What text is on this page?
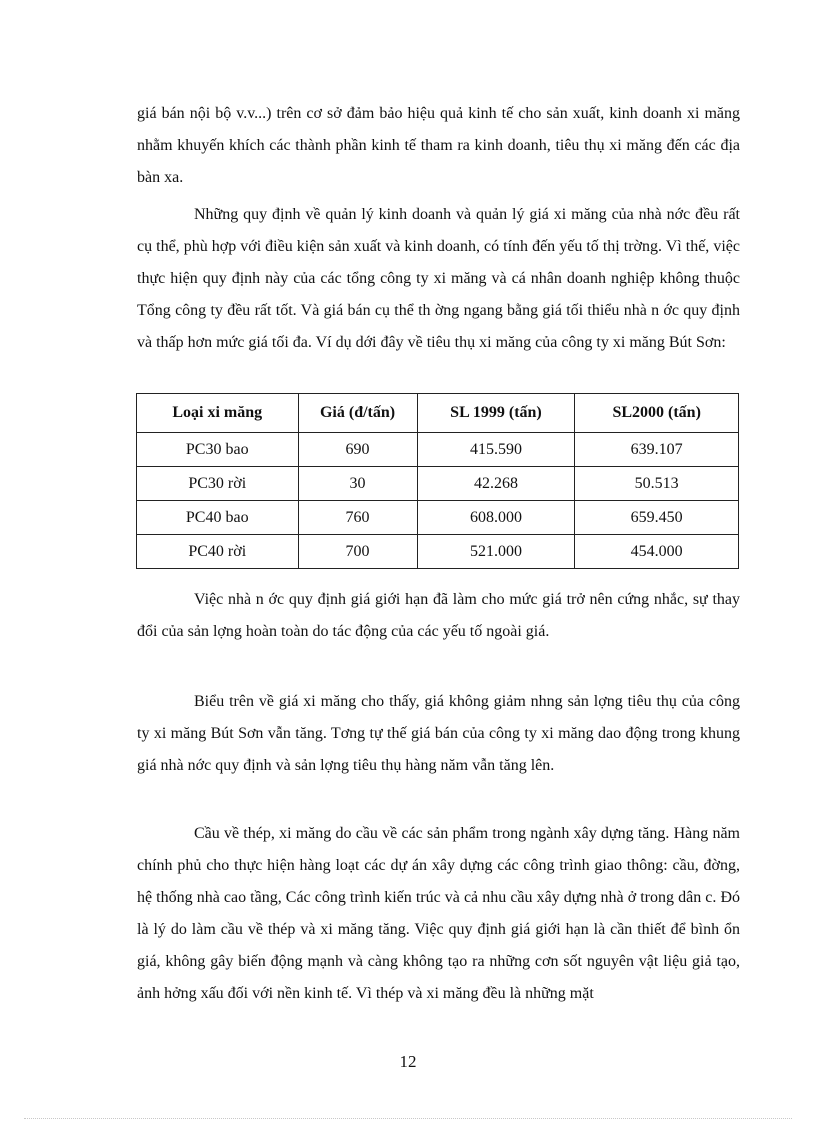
giá bán nội bộ v.v...) trên cơ sở đảm bảo hiệu quả kinh tế cho sản xuất, kinh doanh xi măng nhằm khuyến khích các thành phần kinh tế tham ra kinh doanh, tiêu thụ xi măng đến các địa bàn xa.

Những quy định về quản lý kinh doanh và quản lý giá xi măng của nhà nớc đều rất cụ thể, phù hợp với điều kiện sản xuất và kinh doanh, có tính đến yếu tố thị trờng. Vì thế, việc thực hiện quy định này của các tổng công ty xi măng và cá nhân doanh nghiệp không thuộc Tổng công ty đều rất tốt. Và giá bán cụ thể th ờng ngang bằng giá tối thiểu nhà n ớc quy định và thấp hơn mức giá tối đa. Ví dụ dới đây về tiêu thụ xi măng của công ty xi măng Bút Sơn:

Loại xi măng	Giá (đ/tấn)	SL 1999 (tấn)	SL2000 (tấn)
PC30 bao	690	415.590	639.107
PC30 rời	30	42.268	50.513
PC40 bao	760	608.000	659.450
PC40 rời	700	521.000	454.000

Việc nhà n ớc quy định giá giới hạn đã làm cho mức giá trở nên cứng nhắc, sự thay đổi của sản lợng hoàn toàn do tác động của các yếu tố ngoài giá.

Biểu trên về giá xi măng cho thấy, giá không giảm nhng sản lợng tiêu thụ của công ty xi măng Bút Sơn vẫn tăng. Tơng tự thế giá bán của công ty xi măng dao động trong khung giá nhà nớc quy định và sản lợng tiêu thụ hàng năm vẫn tăng lên.

Cầu về thép, xi măng do cầu về các sản phẩm trong ngành xây dựng tăng. Hàng năm chính phủ cho thực hiện hàng loạt các dự án xây dựng các công trình giao thông: cầu, đờng, hệ thống nhà cao tầng, Các công trình kiến trúc và cả nhu cầu xây dựng nhà ở trong dân c. Đó là lý do làm cầu về thép và xi măng tăng. Việc quy định giá giới hạn là cần thiết để bình ổn giá, không gây biến động mạnh và càng không tạo ra những cơn sốt nguyên vật liệu giả tạo, ảnh hởng xấu đối với nền kinh tế. Vì thép và xi măng đều là những mặt

12
